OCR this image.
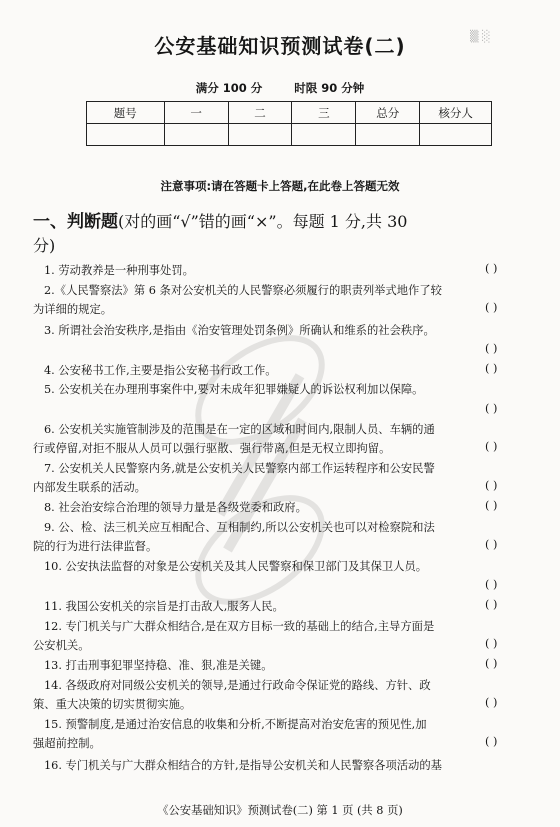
▒ ░
公安基础知识预测试卷(二)
满分 100 分	时限 90 分钟
题号	一	二	三	总分	核分人

注意事项:请在答题卡上答题,在此卷上答题无效
一、判断题(对的画“√”错的画“×”。每题 1 分,共 30
分)
1. 劳动教养是一种刑事处罚。	( )
2.《人民警察法》第 6 条对公安机关的人民警察必须履行的职责列举式地作了较
为详细的规定。	( )
3. 所谓社会治安秩序,是指由《治安管理处罚条例》所确认和维系的社会秩序。
( )
4. 公安秘书工作,主要是指公安秘书行政工作。	( )
5. 公安机关在办理刑事案件中,要对未成年犯罪嫌疑人的诉讼权利加以保障。
( )
6. 公安机关实施管制涉及的范围是在一定的区域和时间内,限制人员、车辆的通
行或停留,对拒不服从人员可以强行驱散、强行带离,但是无权立即拘留。	( )
7. 公安机关人民警察内务,就是公安机关人民警察内部工作运转程序和公安民警
内部发生联系的活动。	( )
8. 社会治安综合治理的领导力量是各级党委和政府。	( )
9. 公、检、法三机关应互相配合、互相制约,所以公安机关也可以对检察院和法
院的行为进行法律监督。	( )
10. 公安执法监督的对象是公安机关及其人民警察和保卫部门及其保卫人员。
( )
11. 我国公安机关的宗旨是打击敌人,服务人民。	( )
12. 专门机关与广大群众相结合,是在双方目标一致的基础上的结合,主导方面是
公安机关。	( )
13. 打击刑事犯罪坚持稳、准、狠,准是关键。	( )
14. 各级政府对同级公安机关的领导,是通过行政命令保证党的路线、方针、政
策、重大决策的切实贯彻实施。	( )
15. 预警制度,是通过治安信息的收集和分析,不断提高对治安危害的预见性,加
强超前控制。	( )
16. 专门机关与广大群众相结合的方针,是指导公安机关和人民警察各项活动的基
《公安基础知识》预测试卷(二) 第 1 页 (共 8 页)
